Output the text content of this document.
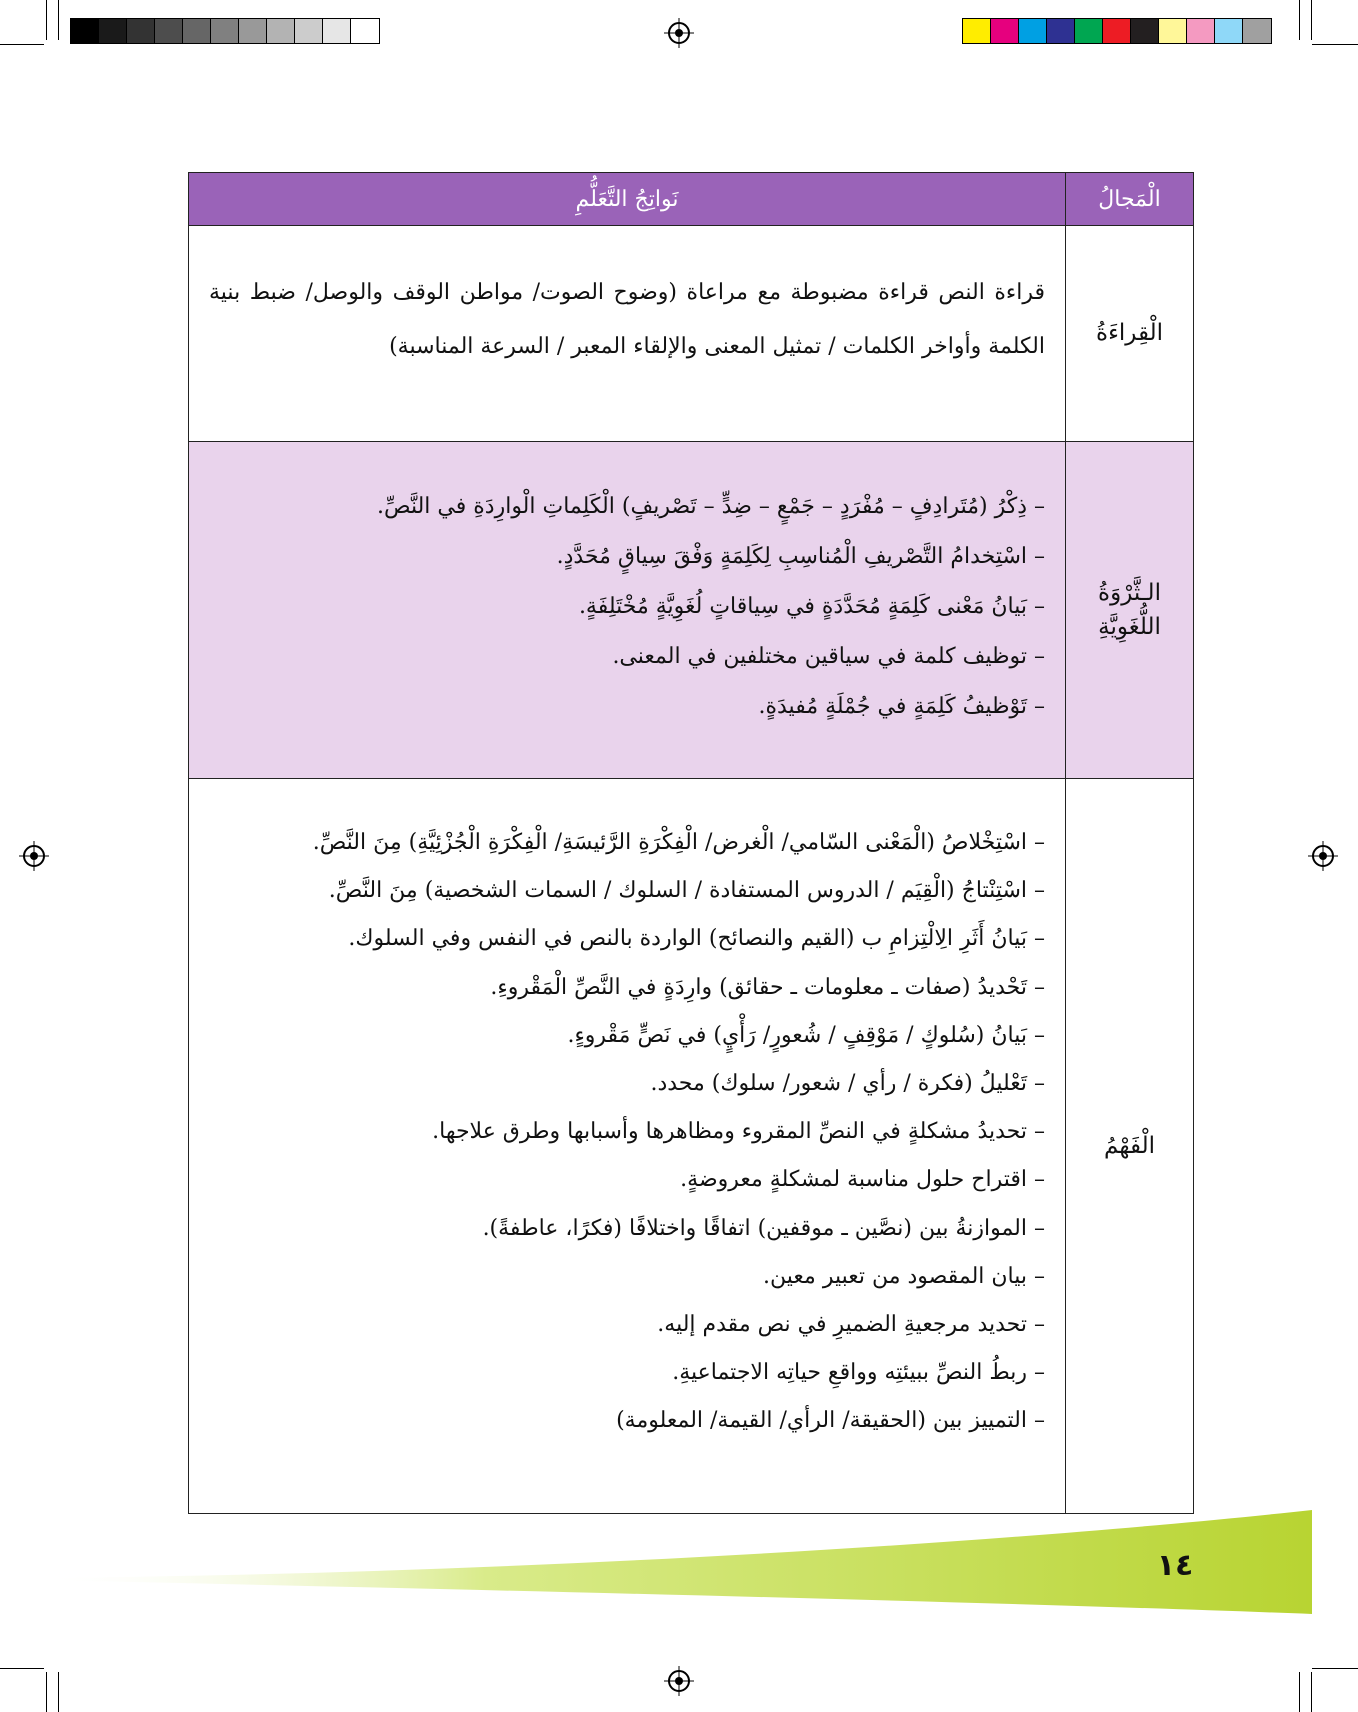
الْمَجالُ
نَواتِجُ التَّعَلُّمِ
الْقِراءَةُ
قراءة النص قراءة مضبوطة مع مراعاة (وضوح الصوت/ مواطن الوقف والوصل/ ضبط بنية الكلمة وأواخر الكلمات / تمثيل المعنى والإلقاء المعبر / السرعة المناسبة)
الـثَّرْوَةُ
اللُّغَوِيَّةِ
– ذِكْرُ (مُتَرادِفٍ – مُفْرَدٍ – جَمْعٍ – ضِدٍّ – تَصْريفٍ) الْكَلِماتِ الْوارِدَةِ في النَّصِّ.
– اسْتِخدامُ التَّصْريفِ الْمُناسِبِ لِكَلِمَةٍ وَفْقَ سِياقٍ مُحَدَّدٍ.
– بَيانُ مَعْنى كَلِمَةٍ مُحَدَّدَةٍ في سِياقاتٍ لُغَوِيَّةٍ مُخْتَلِفَةٍ.
– توظيف كلمة في سياقين مختلفين في المعنى.
– تَوْظيفُ كَلِمَةٍ في جُمْلَةٍ مُفيدَةٍ.
الْفَهْمُ
– اسْتِخْلاصُ (الْمَعْنى السّامي/ الْغرض/ الْفِكْرَةِ الرَّئيسَةِ/ الْفِكْرَةِ الْجُزْئِيَّةِ) مِنَ النَّصِّ.
– اسْتِنْتاجُ (الْقِيَم / الدروس المستفادة / السلوك / السمات الشخصية) مِنَ النَّصِّ.
– بَيانُ أَثَرِ الِالْتِزامِ ب (القيم والنصائح) الواردة بالنص في النفس وفي السلوك.
– تَحْديدُ (صفات ـ معلومات ـ حقائق) وارِدَةٍ في النَّصِّ الْمَقْروءِ.
– بَيانُ (سُلوكٍ / مَوْقِفٍ / شُعورٍ/ رَأْيٍ) في نَصٍّ مَقْروءٍ.
– تَعْليلُ (فكرة / رأي / شعور/ سلوك) محدد.
– تحديدُ مشكلةٍ في النصِّ المقروء ومظاهرها وأسبابها وطرق علاجها.
– اقتراح حلول مناسبة لمشكلةٍ معروضةٍ.
– الموازنةُ بين (نصَّين ـ موقفين) اتفاقًا واختلافًا (فكرًا، عاطفةً).
– بيان المقصود من تعبير معين.
– تحديد مرجعيةِ الضميرِ في نص مقدم إليه.
– ربطُ النصِّ ببيئتِه وواقعِ حياتِه الاجتماعيةِ.
– التمييز بين (الحقيقة/ الرأي/ القيمة/ المعلومة)
١٤
